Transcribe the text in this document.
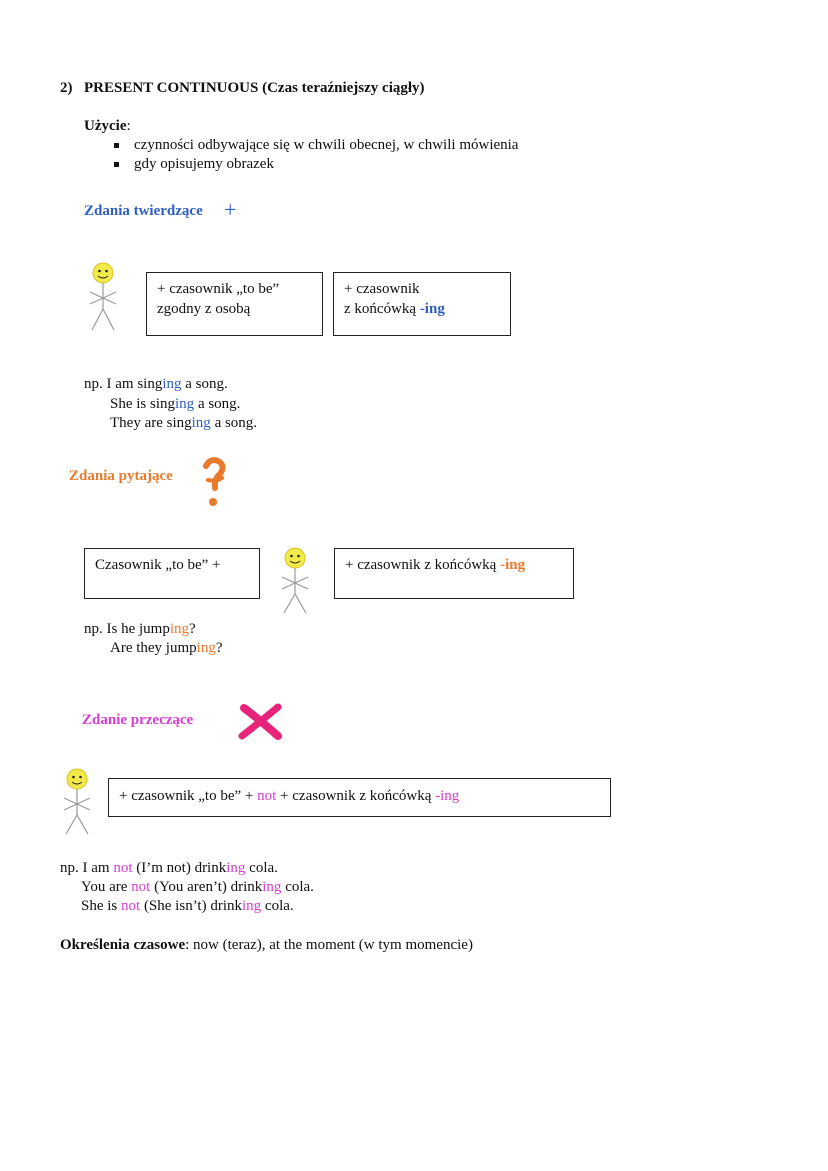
2) PRESENT CONTINUOUS (Czas teraźniejszy ciągły)
Użycie:
czynności odbywające się w chwili obecnej, w chwili mówienia
gdy opisujemy obrazek
Zdania twierdzące +
+ czasownik „to be”
zgodny z osobą
+ czasownik
z końcówką -ing
np. I am singing a song.
She is singing a song.
They are singing a song.
Zdania pytające
Czasownik „to be” +	+ czasownik z końcówką -ing
np. Is he jumping?
Are they jumping?
Zdanie przeczące
+ czasownik „to be” + not + czasownik z końcówką -ing
np. I am not (I’m not) drinking cola.
You are not (You aren’t) drinking cola.
She is not (She isn’t) drinking cola.
Określenia czasowe: now (teraz), at the moment (w tym momencie)
